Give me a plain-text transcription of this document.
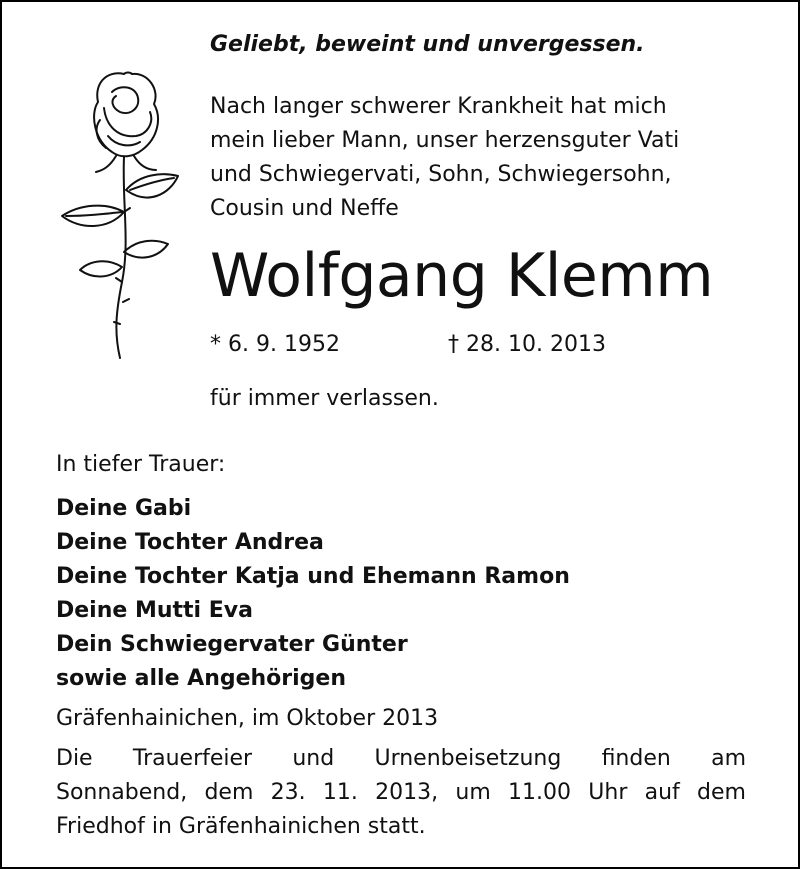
Geliebt, beweint und unvergessen.

Nach langer schwerer Krankheit hat mich
mein lieber Mann, unser herzensguter Vati
und Schwiegervati, Sohn, Schwiegersohn,
Cousin und Neffe

Wolfgang Klemm

* 6. 9. 1952	† 28. 10. 2013

für immer verlassen.

In tiefer Trauer:

Deine Gabi
Deine Tochter Andrea
Deine Tochter Katja und Ehemann Ramon
Deine Mutti Eva
Dein Schwiegervater Günter
sowie alle Angehörigen

Gräfenhainichen, im Oktober 2013

Die Trauerfeier und Urnenbeisetzung finden am
Sonnabend, dem 23. 11. 2013, um 11.00 Uhr auf dem
Friedhof in Gräfenhainichen statt.
